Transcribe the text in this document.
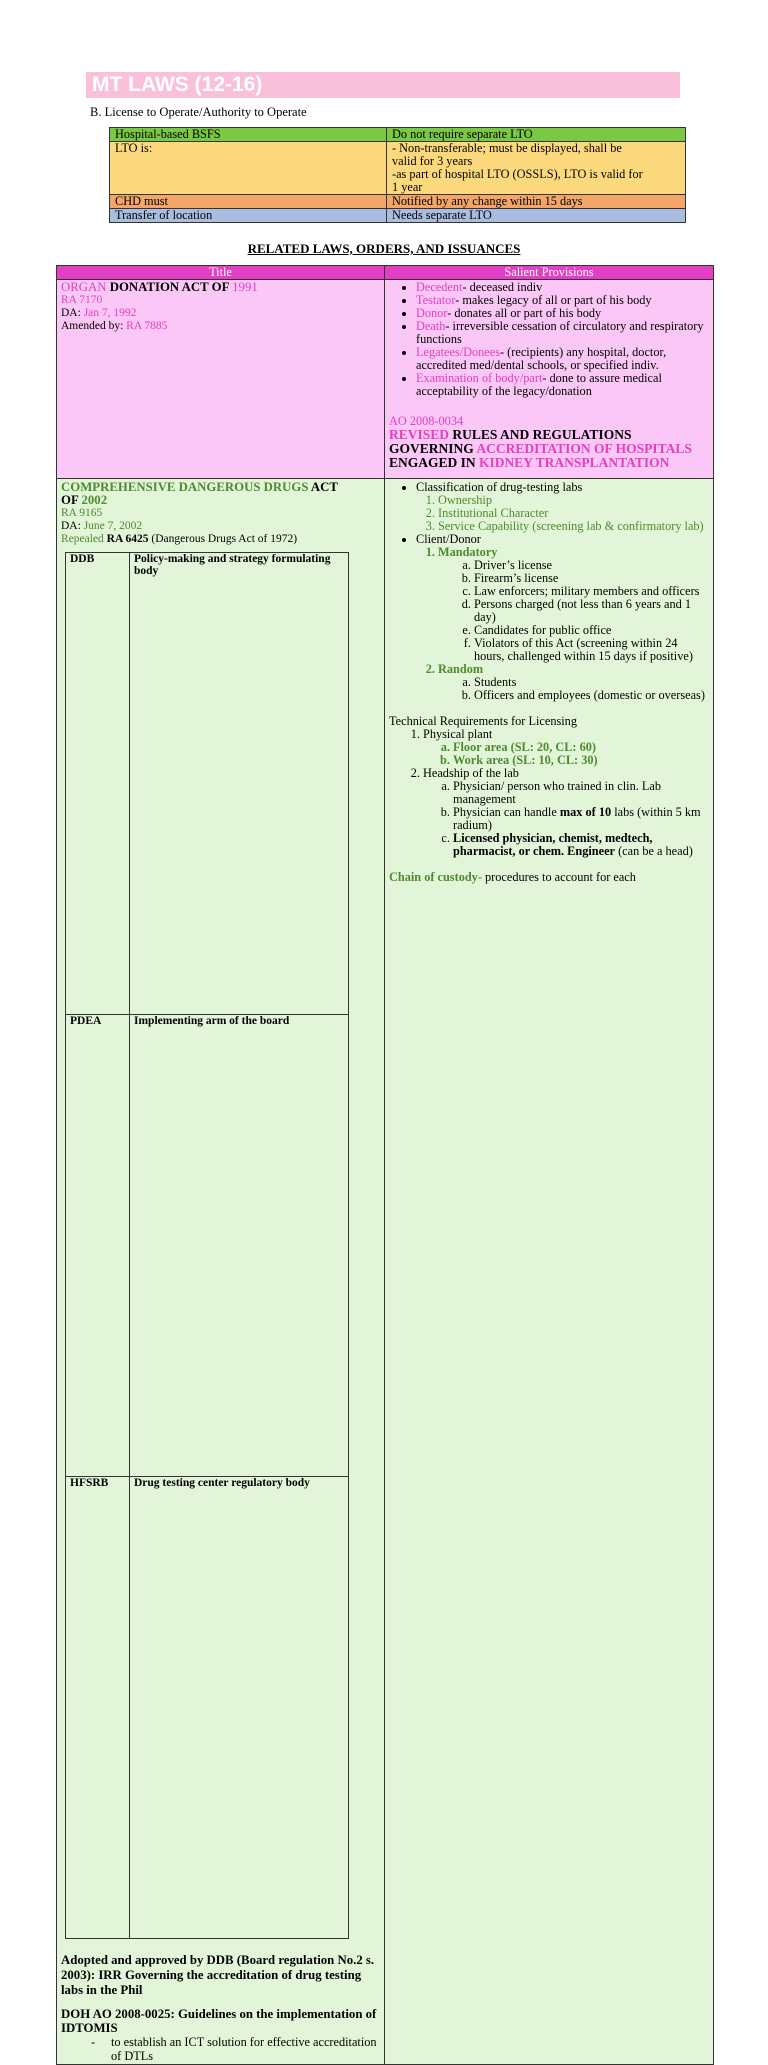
MT LAWS (12-16)
B. License to Operate/Authority to Operate
Hospital-based BSFS	Do not require separate LTO
LTO is:	- Non-transferable; must be displayed, shall be
valid for 3 years
-as part of hospital LTO (OSSLS), LTO is valid for
1 year
CHD must	Notified by any change within 15 days
Transfer of location	Needs separate LTO
RELATED LAWS, ORDERS, AND ISSUANCES
Title	Salient Provisions

ORGAN DONATION ACT OF 1991
RA 7170
DA: Jan 7, 1992
Amended by: RA 7885

• Decedent- deceased indiv
• Testator- makes legacy of all or part of his body
• Donor- donates all or part of his body
• Death- irreversible cessation of circulatory and respiratory functions
• Legatees/Donees- (recipients) any hospital, doctor, accredited med/dental schools, or specified indiv.
• Examination of body/part- done to assure medical acceptability of the legacy/donation
AO 2008-0034
REVISED RULES AND REGULATIONS
GOVERNING ACCREDITATION OF HOSPITALS
ENGAGED IN KIDNEY TRANSPLANTATION

COMPREHENSIVE DANGEROUS DRUGS ACT
OF 2002
RA 9165
DA: June 7, 2002
Repealed RA 6425 (Dangerous Drugs Act of 1972)
DDB	Policy-making and strategy formulating body
PDEA	Implementing arm of the board
HFSRB	Drug testing center regulatory body
Adopted and approved by DDB (Board regulation No.2 s. 2003): IRR Governing the accreditation of drug testing labs in the Phil
DOH AO 2008-0025: Guidelines on the implementation of IDTOMIS
- to establish an ICT solution for effective accreditation of DTLs

• Classification of drug-testing labs
1. Ownership
2. Institutional Character
3. Service Capability (screening lab & confirmatory lab)
• Client/Donor
1. Mandatory
a. Driver’s license
b. Firearm’s license
c. Law enforcers; military members and officers
d. Persons charged (not less than 6 years and 1 day)
e. Candidates for public office
f. Violators of this Act (screening within 24 hours, challenged within 15 days if positive)
2. Random
a. Students
b. Officers and employees (domestic or overseas)
Technical Requirements for Licensing
1. Physical plant
a. Floor area (SL: 20, CL: 60)
b. Work area (SL: 10, CL: 30)
2. Headship of the lab
a. Physician/ person who trained in clin. Lab management
b. Physician can handle max of 10 labs (within 5 km radium)
c. Licensed physician, chemist, medtech, pharmacist, or chem. Engineer (can be a head)
Chain of custody- procedures to account for each
